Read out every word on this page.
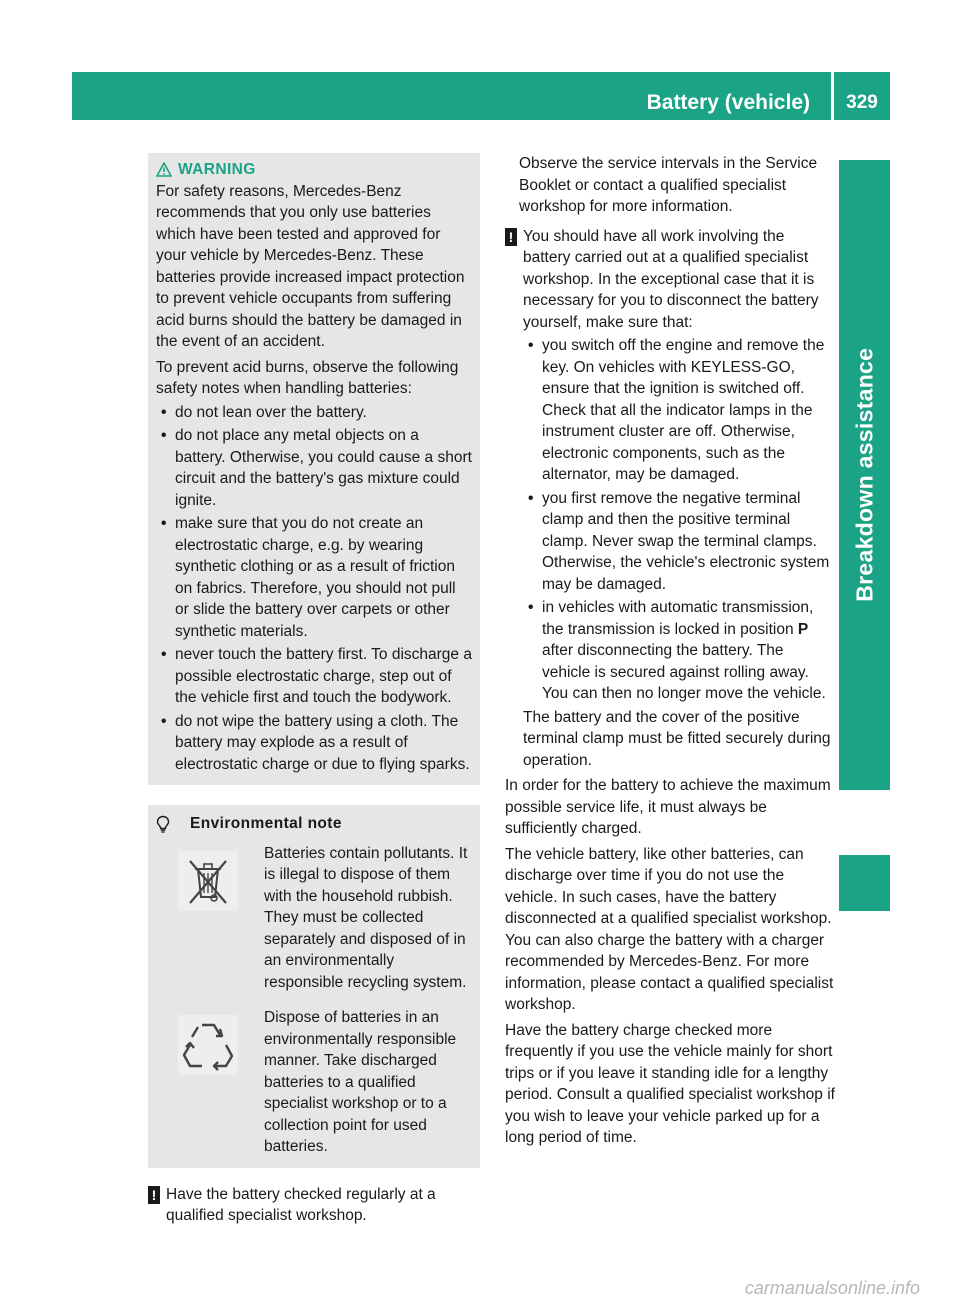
Battery (vehicle)	329
Breakdown assistance
WARNING

For safety reasons, Mercedes-Benz recommends that you only use batteries which have been tested and approved for your vehicle by Mercedes-Benz. These batteries provide increased impact protection to prevent vehicle occupants from suffering acid burns should the battery be damaged in the event of an accident.

To prevent acid burns, observe the following safety notes when handling batteries:

• do not lean over the battery.
• do not place any metal objects on a battery. Otherwise, you could cause a short circuit and the battery's gas mixture could ignite.
• make sure that you do not create an electrostatic charge, e.g. by wearing synthetic clothing or as a result of friction on fabrics. Therefore, you should not pull or slide the battery over carpets or other synthetic materials.
• never touch the battery first. To discharge a possible electrostatic charge, step out of the vehicle first and touch the bodywork.
• do not wipe the battery using a cloth. The battery may explode as a result of electrostatic charge or due to flying sparks.
Environmental note
Batteries contain pollutants. It is illegal to dispose of them with the household rubbish. They must be collected separately and disposed of in an environmentally responsible recycling system.
Dispose of batteries in an environmentally responsible manner. Take discharged batteries to a qualified specialist workshop or to a collection point for used batteries.
! Have the battery checked regularly at a qualified specialist workshop.

Observe the service intervals in the Service Booklet or contact a qualified specialist workshop for more information.

! You should have all work involving the battery carried out at a qualified specialist workshop. In the exceptional case that it is necessary for you to disconnect the battery yourself, make sure that:
• you switch off the engine and remove the key. On vehicles with KEYLESS-GO, ensure that the ignition is switched off. Check that all the indicator lamps in the instrument cluster are off. Otherwise, electronic components, such as the alternator, may be damaged.
• you first remove the negative terminal clamp and then the positive terminal clamp. Never swap the terminal clamps. Otherwise, the vehicle's electronic system may be damaged.
• in vehicles with automatic transmission, the transmission is locked in position P after disconnecting the battery. The vehicle is secured against rolling away. You can then no longer move the vehicle.

The battery and the cover of the positive terminal clamp must be fitted securely during operation.

In order for the battery to achieve the maximum possible service life, it must always be sufficiently charged.

The vehicle battery, like other batteries, can discharge over time if you do not use the vehicle. In such cases, have the battery disconnected at a qualified specialist workshop. You can also charge the battery with a charger recommended by Mercedes-Benz. For more information, please contact a qualified specialist workshop.

Have the battery charge checked more frequently if you use the vehicle mainly for short trips or if you leave it standing idle for a lengthy period. Consult a qualified specialist workshop if you wish to leave your vehicle parked up for a long period of time.

carmanualsonline.info
